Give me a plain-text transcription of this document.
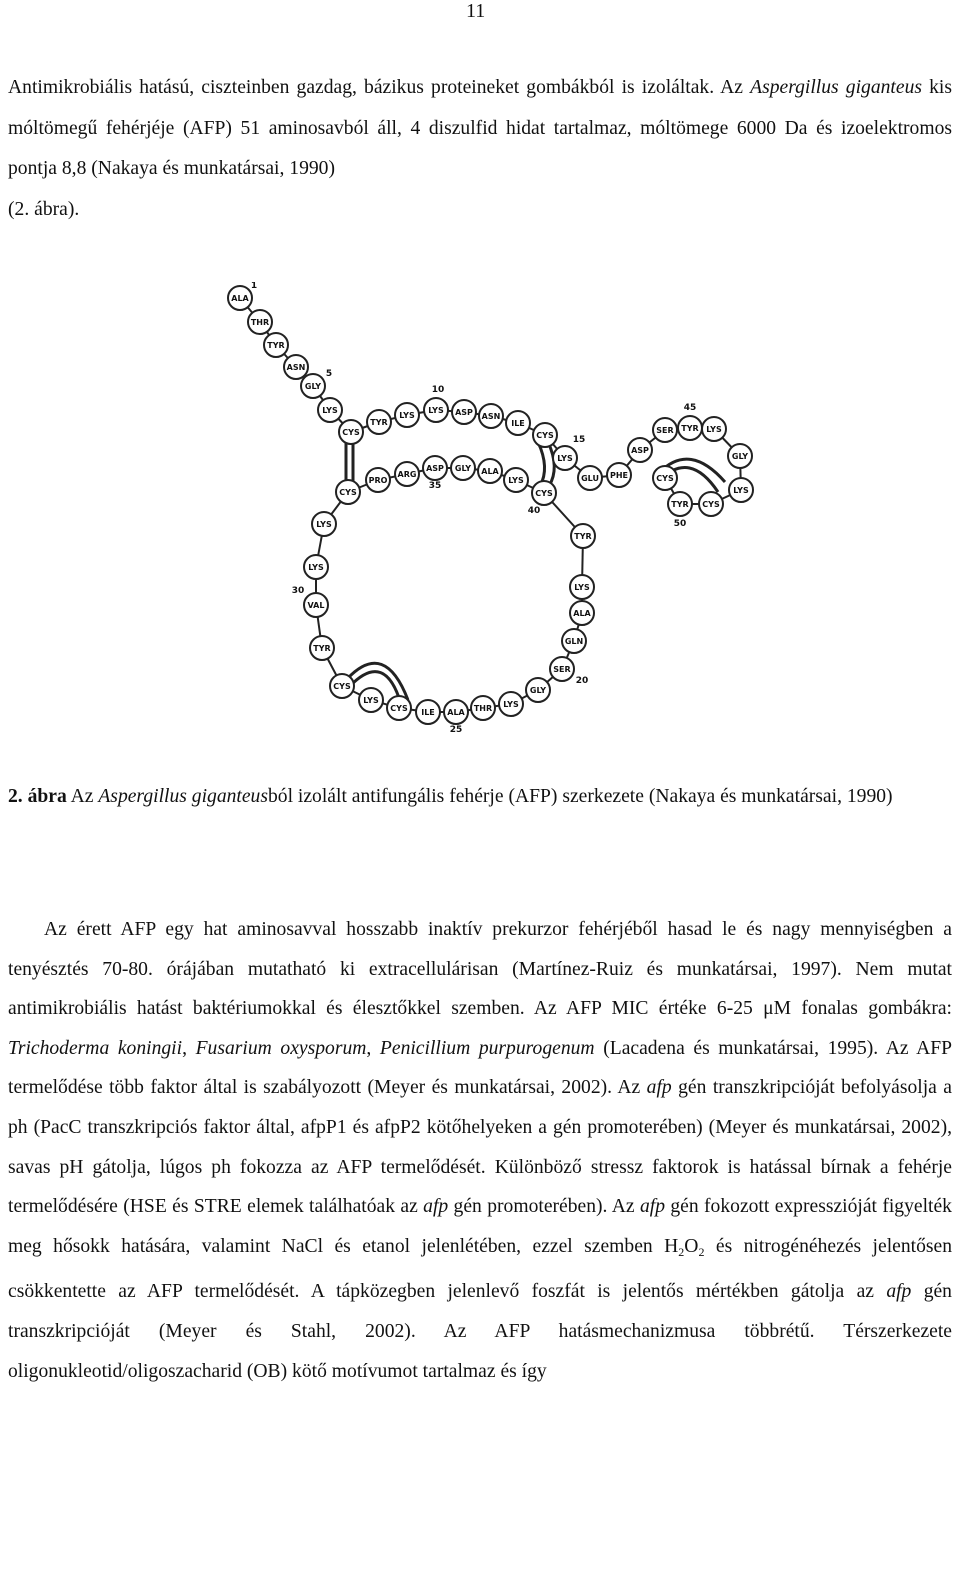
11
Antimikrobiális hatású, ciszteinben gazdag, bázikus proteineket gombákból is izoláltak. Az Aspergillus giganteus kis móltömegű fehérjéje (AFP) 51 aminosavból áll, 4 diszulfid hidat tartalmaz, móltömege 6000 Da és izoelektromos pontja 8,8 (Nakaya és munkatársai, 1990)
(2. ábra).
ALA
1
THR
TYR
ASN
GLY
5
LYS
CYS
TYR
LYS
LYS
10
ASP ASN
ILE
CYS
LYS
15
GLU PHE
ASP
SER TYR
45
LYS
GLY
LYS
CYS
TYR
50
CYS
PRO
ARG
ASP
35
GLY ALA
LYS
CYS
40
CYS
LYS
LYS
VAL
30
TYR
CYS
LYS
CYS ILE ALA
25
THR LYS
GLY
SER
20
GLN
ALA
LYS
TYR
2. ábra Az Aspergillus giganteusból izolált antifungális fehérje (AFP) szerkezete (Nakaya és munkatársai, 1990)
Az érett AFP egy hat aminosavval hosszabb inaktív prekurzor fehérjéből hasad le és nagy mennyiségben a tenyésztés 70-80. órájában mutatható ki extracellulárisan (Martínez-Ruiz és munkatársai, 1997). Nem mutat antimikrobiális hatást baktériumokkal és élesztőkkel szemben. Az AFP MIC értéke 6-25 μM fonalas gombákra: Trichoderma koningii, Fusarium oxysporum, Penicillium purpurogenum (Lacadena és munkatársai, 1995). Az AFP termelődése több faktor által is szabályozott (Meyer és munkatársai, 2002). Az afp gén transzkripcióját befolyásolja a ph (PacC transzkripciós faktor által, afpP1 és afpP2 kötőhelyeken a gén promoterében) (Meyer és munkatársai, 2002), savas pH gátolja, lúgos ph fokozza az AFP termelődését. Különböző stressz faktorok is hatással bírnak a fehérje termelődésére (HSE és STRE elemek találhatóak az afp gén promoterében). Az afp gén fokozott expresszióját figyelték meg hősokk hatására, valamint NaCl és etanol jelenlétében, ezzel szemben $H_2O_2$ és nitrogénéhezés jelentősen csökkentette az AFP termelődését. A tápközegben jelenlevő foszfát is jelentős mértékben gátolja az afp gén transzkripcióját (Meyer és Stahl, 2002). Az AFP hatásmechanizmusa többrétű. Térszerkezete oligonukleotid/oligoszacharid (OB) kötő motívumot tartalmaz és így
